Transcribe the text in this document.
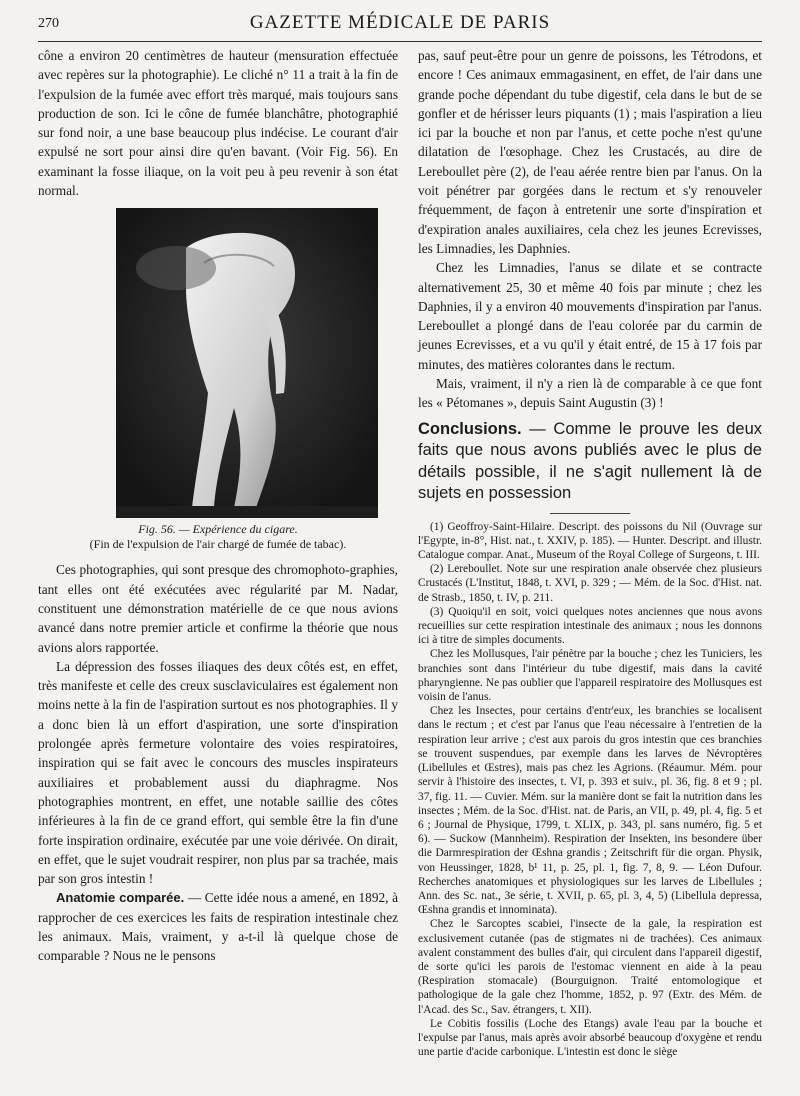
270	GAZETTE MÉDICALE DE PARIS

cône a environ 20 centimètres de hauteur (mensuration effectuée avec repères sur la photographie). Le cliché n° 11 a trait à la fin de l'expulsion de la fumée avec effort très marqué, mais toujours sans production de son. Ici le cône de fumée blanchâtre, photographié sur fond noir, a une base beaucoup plus indécise. Le courant d'air expulsé ne sort pour ainsi dire qu'en bavant. (Voir Fig. 56). En examinant la fosse iliaque, on la voit peu à peu revenir à son état normal.

Fig. 56. — Expérience du cigare.
(Fin de l'expulsion de l'air chargé de fumée de tabac).

Ces photographies, qui sont presque des chromophoto-graphies, tant elles ont été exécutées avec régularité par M. Nadar, constituent une démonstration matérielle de ce que nous avions avancé dans notre premier article et confirme la théorie que nous avions alors rapportée.

La dépression des fosses iliaques des deux côtés est, en effet, très manifeste et celle des creux susclaviculaires est également non moins nette à la fin de l'aspiration surtout es nos photographies. Il y a donc bien là un effort d'aspiration, une sorte d'inspiration prolongée après fermeture volontaire des voies respiratoires, inspiration qui se fait avec le concours des muscles inspirateurs auxiliaires et probablement aussi du diaphragme. Nos photographies montrent, en effet, une notable saillie des côtes inférieures à la fin de ce grand effort, qui semble être la fin d'une forte inspiration ordinaire, exécutée par une voie dérivée. On dirait, en effet, que le sujet voudrait respirer, non plus par sa trachée, mais par son gros intestin !

Anatomie comparée. — Cette idée nous a amené, en 1892, à rapprocher de ces exercices les faits de respiration intestinale chez les animaux. Mais, vraiment, y a-t-il là quelque chose de comparable ? Nous ne le pensons

pas, sauf peut-être pour un genre de poissons, les Tétrodons, et encore ! Ces animaux emmagasinent, en effet, de l'air dans une grande poche dépendant du tube digestif, cela dans le but de se gonfler et de hérisser leurs piquants (1) ; mais l'aspiration a lieu ici par la bouche et non par l'anus, et cette poche n'est qu'une dilatation de l'œsophage. Chez les Crustacés, au dire de Lereboullet père (2), de l'eau aérée rentre bien par l'anus. On la voit pénétrer par gorgées dans le rectum et s'y renouveler fréquemment, de façon à entretenir une sorte d'inspiration et d'expiration anales auxiliaires, cela chez les jeunes Ecrevisses, les Limnadies, les Daphnies.

Chez les Limnadies, l'anus se dilate et se contracte alternativement 25, 30 et même 40 fois par minute ; chez les Daphnies, il y a environ 40 mouvements d'inspiration par l'anus. Lereboullet a plongé dans de l'eau colorée par du carmin de jeunes Ecrevisses, et a vu qu'il y était entré, de 15 à 17 fois par minutes, des matières colorantes dans le rectum.

Mais, vraiment, il n'y a rien là de comparable à ce que font les « Pétomanes », depuis Saint Augustin (3) !

Conclusions. — Comme le prouve les deux faits que nous avons publiés avec le plus de détails possible, il ne s'agit nullement là de sujets en possession

(1) Geoffroy-Saint-Hilaire. Descript. des poissons du Nil (Ouvrage sur l'Egypte, in-8°, Hist. nat., t. XXIV, p. 185). — Hunter. Descript. and illustr. Catalogue compar. Anat., Museum of the Royal College of Surgeons, t. III.

(2) Lereboullet. Note sur une respiration anale observée chez plusieurs Crustacés (L'Institut, 1848, t. XVI, p. 329 ; — Mém. de la Soc. d'Hist. nat. de Strasb., 1850, t. IV, p. 211.

(3) Quoiqu'il en soit, voici quelques notes anciennes que nous avons recueillies sur cette respiration intestinale des animaux ; nous les donnons ici à titre de simples documents.

Chez les Mollusques, l'air pénètre par la bouche ; chez les Tuniciers, les branchies sont dans l'intérieur du tube digestif, mais dans la cavité pharyngienne. Ne pas oublier que l'appareil respiratoire des Mollusques est voisin de l'anus.

Chez les Insectes, pour certains d'entr'eux, les branchies se localisent dans le rectum ; et c'est par l'anus que l'eau nécessaire à l'entretien de la respiration leur arrive ; c'est aux parois du gros intestin que ces branchies se trouvent suspendues, par exemple dans les larves de Névroptères (Libellules et Œstres), mais pas chez les Agrions. (Réaumur. Mém. pour servir à l'histoire des insectes, t. VI, p. 393 et suiv., pl. 36, fig. 8 et 9 ; pl. 37, fig. 11. — Cuvier. Mém. sur la manière dont se fait la nutrition dans les insectes ; Mém. de la Soc. d'Hist. nat. de Paris, an VII, p. 49, pl. 4, fig. 5 et 6 ; Journal de Physique, 1799, t. XLIX, p. 343, pl. sans numéro, fig. 5 et 6). — Suckow (Mannheim). Respiration der Insekten, ins besondere über die Darmrespiration der Œshna grandis ; Zeitschrift für die organ. Physik, von Heussinger, 1828, b¹ 11, p. 25, pl. 1, fig. 7, 8, 9. — Léon Dufour. Recherches anatomiques et physiologiques sur les larves de Libellules ; Ann. des Sc. nat., 3e série, t. XVII, p. 65, pl. 3, 4, 5) (Libellula depressa, Œshna grandis et innominata).

Chez le Sarcoptes scabiei, l'insecte de la gale, la respiration est exclusivement cutanée (pas de stigmates ni de trachées). Ces animaux avalent constamment des bulles d'air, qui circulent dans l'appareil digestif, de sorte qu'ici les parois de l'estomac viennent en aide à la peau (Respiration stomacale) (Bourguignon. Traité entomologique et pathologique de la gale chez l'homme, 1852, p. 97 (Extr. des Mém. de l'Acad. des Sc., Sav. étrangers, t. XII).

Le Cobitis fossilis (Loche des Etangs) avale l'eau par la bouche et l'expulse par l'anus, mais après avoir absorbé beaucoup d'oxygène et rendu une partie d'acide carbonique. L'intestin est donc le siège
